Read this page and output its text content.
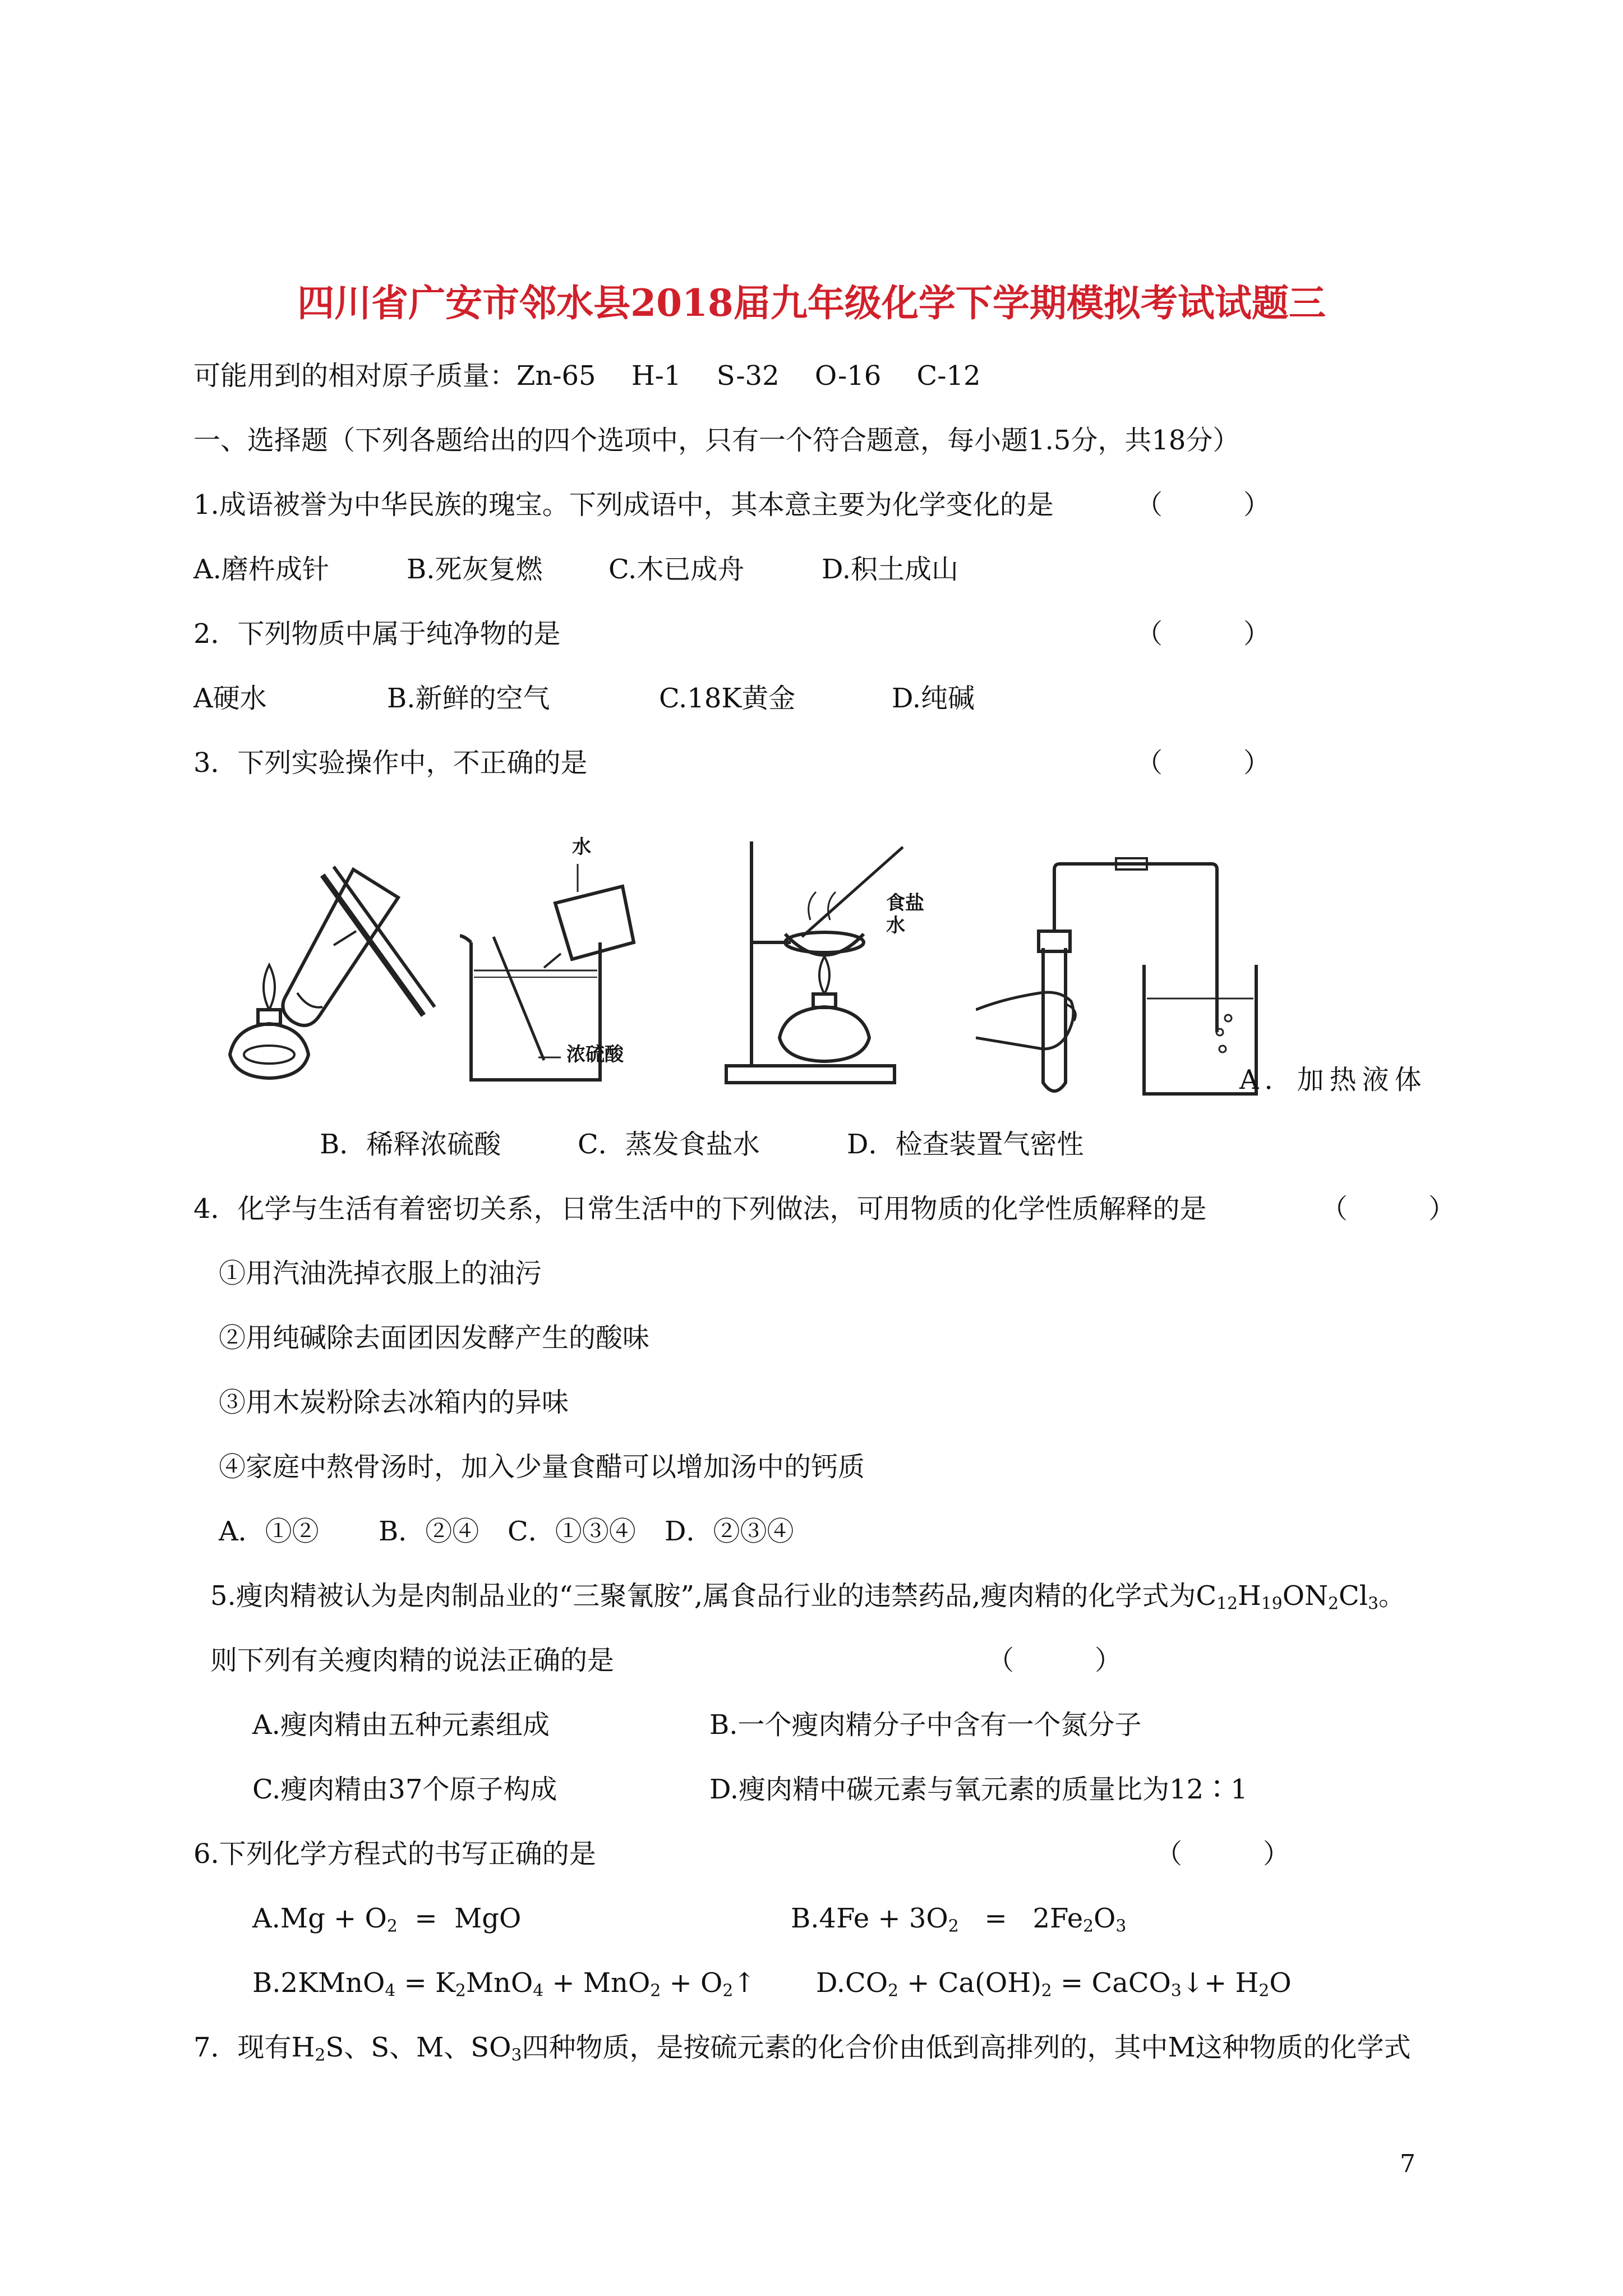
四川省广安市邻水县2018届九年级化学下学期模拟考试试题三
可能用到的相对原子质量：Zn-65　 H-1　 S-32　 O-16　 C-12
一、选择题（下列各题给出的四个选项中，只有一个符合题意，每小题1.5分，共18分）
1.成语被誉为中华民族的瑰宝。下列成语中，其本意主要为化学变化的是	（　　　）
A.磨杵成针	B.死灰复燃 C.木已成舟	D.积土成山
2．下列物质中属于纯净物的是	（　　　）
A硬水	B.新鲜的空气	C.18K黄金	D.纯碱
3．下列实验操作中，不正确的是	（　　　）
水
浓硫酸
食盐水
A．加热液体
B．稀释浓硫酸	C．蒸发食盐水	D．检查装置气密性
4．化学与生活有着密切关系，日常生活中的下列做法，可用物质的化学性质解释的是	（　　　）
①用汽油洗掉衣服上的油污
②用纯碱除去面团因发酵产生的酸味
③用木炭粉除去冰箱内的异味
④家庭中熬骨汤时，加入少量食醋可以增加汤中的钙质
A．①② B．②④ C．①③④ D．②③④
5.瘦肉精被认为是肉制品业的“三聚氰胺”,属食品行业的违禁药品,瘦肉精的化学式为$C_{12}H_{19}ON_2Cl_3$。
则下列有关瘦肉精的说法正确的是	（　　　）
A.瘦肉精由五种元素组成	B.一个瘦肉精分子中含有一个氮分子
C.瘦肉精由37个原子构成	D.瘦肉精中碳元素与氧元素的质量比为12∶1
6.下列化学方程式的书写正确的是	（　　　）
$A.Mg + O_2$  =  MgO	$B.4Fe + 3O_2 = 2Fe_2O_3$
B.2KMnO$_4$ = $K_2MnO_4 + MnO_2$ + $O_2↑$ $D.CO_2 + Ca(OH)_2$ = CaCO$_3$↓+ $H_2O$
7．现有$H_2S$、S、M、$SO_3$四种物质，是按硫元素的化合价由低到高排列的，其中M这种物质的化学式
7
